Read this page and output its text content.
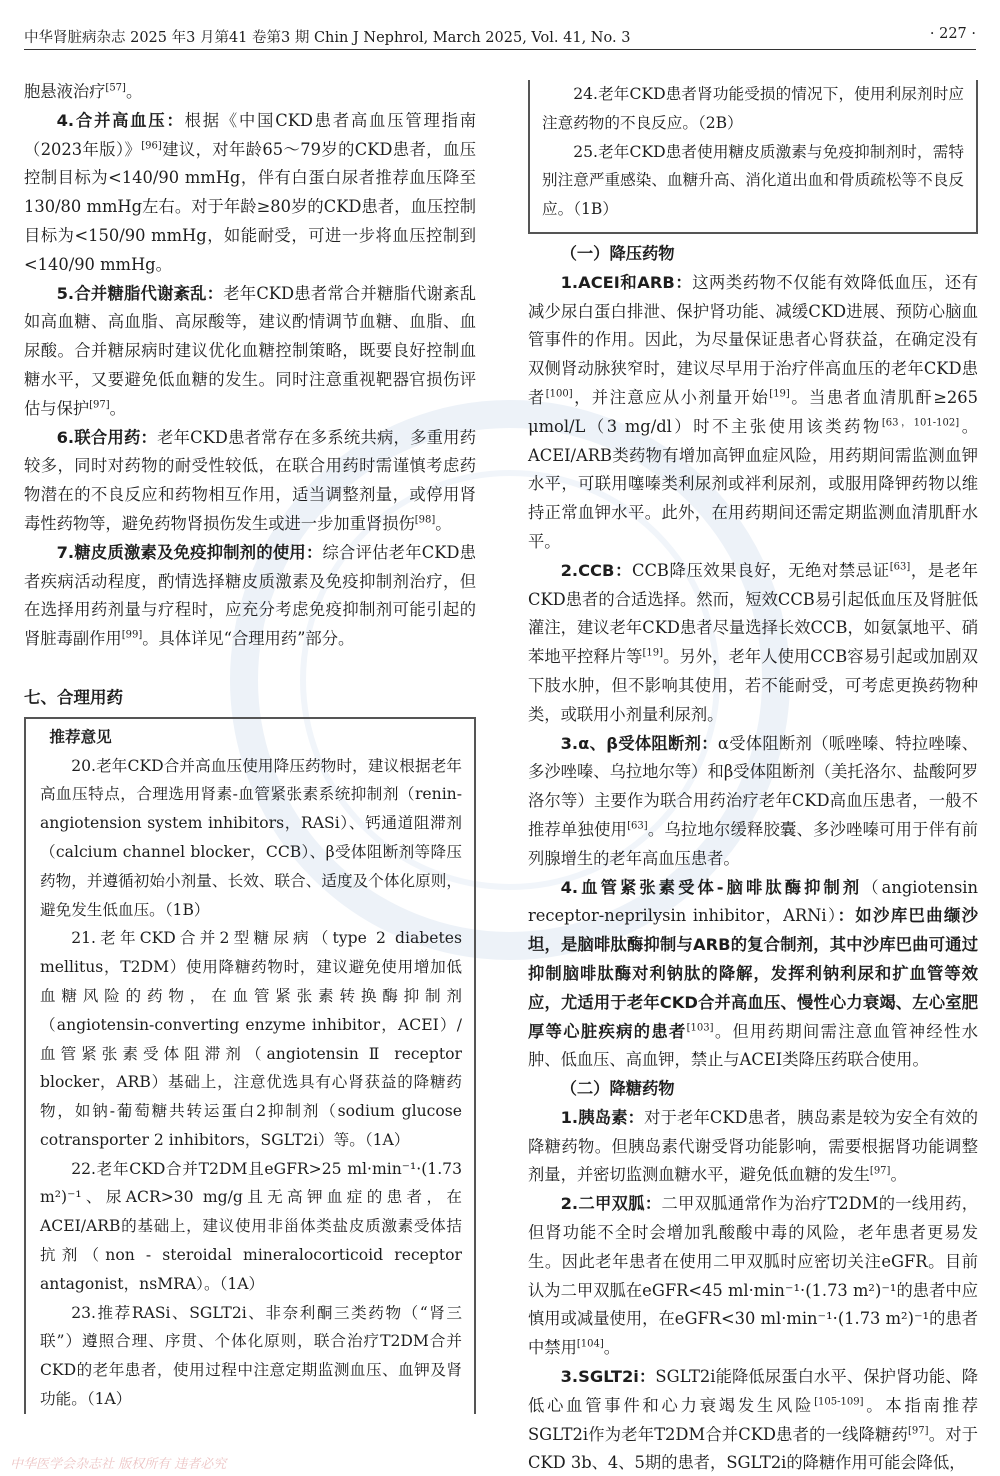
中华肾脏病杂志 2025 年3 月第41 卷第3 期 Chin J Nephrol, March 2025, Vol. 41, No. 3	· 227 ·

胞悬液治疗[57]。

4.合并高血压：根据《中国CKD患者高血压管理指南（2023年版）》[96]建议，对年龄65～79岁的CKD患者，血压控制目标为<140/90 mmHg，伴有白蛋白尿者推荐血压降至130/80 mmHg左右。对于年龄≥80岁的CKD患者，血压控制目标为<150/90 mmHg，如能耐受，可进一步将血压控制到<140/90 mmHg。

5.合并糖脂代谢紊乱：老年CKD患者常合并糖脂代谢紊乱如高血糖、高血脂、高尿酸等，建议酌情调节血糖、血脂、血尿酸。合并糖尿病时建议优化血糖控制策略，既要良好控制血糖水平，又要避免低血糖的发生。同时注意重视靶器官损伤评估与保护[97]。

6.联合用药：老年CKD患者常存在多系统共病，多重用药较多，同时对药物的耐受性较低，在联合用药时需谨慎考虑药物潜在的不良反应和药物相互作用，适当调整剂量，或停用肾毒性药物等，避免药物肾损伤发生或进一步加重肾损伤[98]。

7.糖皮质激素及免疫抑制剂的使用：综合评估老年CKD患者疾病活动程度，酌情选择糖皮质激素及免疫抑制剂治疗，但在选择用药剂量与疗程时，应充分考虑免疫抑制剂可能引起的肾脏毒副作用[99]。具体详见“合理用药”部分。

七、合理用药
推荐意见

20.老年CKD合并高血压使用降压药物时，建议根据老年高血压特点，合理选用肾素-血管紧张素系统抑制剂（renin-angiotension system inhibitors，RASi）、钙通道阻滞剂（calcium channel blocker，CCB）、β受体阻断剂等降压药物，并遵循初始小剂量、长效、联合、适度及个体化原则，避免发生低血压。（1B）

21.老年CKD合并2型糖尿病（type 2 diabetes mellitus，T2DM）使用降糖药物时，建议避免使用增加低血糖风险的药物，在血管紧张素转换酶抑制剂（angiotensin-converting enzyme inhibitor，ACEI）/血管紧张素受体阻滞剂（angiotensin Ⅱ receptor blocker，ARB）基础上，注意优选具有心肾获益的降糖药物，如钠-葡萄糖共转运蛋白2抑制剂（sodium glucose cotransporter 2 inhibitors，SGLT2i）等。（1A）

22.老年CKD合并T2DM且eGFR>25 ml·min⁻¹·(1.73 m²)⁻¹、尿ACR>30 mg/g且无高钾血症的患者，在ACEI/ARB的基础上，建议使用非甾体类盐皮质激素受体拮抗剂（non - steroidal mineralocorticoid receptor antagonist，nsMRA）。（1A）

23.推荐RASi、SGLT2i、非奈利酮三类药物（“肾三联”）遵照合理、序贯、个体化原则，联合治疗T2DM合并CKD的老年患者，使用过程中注意定期监测血压、血钾及肾功能。（1A）

24.老年CKD患者肾功能受损的情况下，使用利尿剂时应注意药物的不良反应。（2B）

25.老年CKD患者使用糖皮质激素与免疫抑制剂时，需特别注意严重感染、血糖升高、消化道出血和骨质疏松等不良反应。（1B）

（一）降压药物

1.ACEI和ARB：这两类药物不仅能有效降低血压，还有减少尿白蛋白排泄、保护肾功能、减缓CKD进展、预防心脑血管事件的作用。因此，为尽量保证患者心肾获益，在确定没有双侧肾动脉狭窄时，建议尽早用于治疗伴高血压的老年CKD患者[100]，并注意应从小剂量开始[19]。当患者血清肌酐≥265 μmol/L（3 mg/dl）时不主张使用该类药物[63，101-102]。ACEI/ARB类药物有增加高钾血症风险，用药期间需监测血钾水平，可联用噻嗪类利尿剂或袢利尿剂，或服用降钾药物以维持正常血钾水平。此外，在用药期间还需定期监测血清肌酐水平。

2.CCB：CCB降压效果良好，无绝对禁忌证[63]，是老年CKD患者的合适选择。然而，短效CCB易引起低血压及肾脏低灌注，建议老年CKD患者尽量选择长效CCB，如氨氯地平、硝苯地平控释片等[19]。另外，老年人使用CCB容易引起或加剧双下肢水肿，但不影响其使用，若不能耐受，可考虑更换药物种类，或联用小剂量利尿剂。

3.α、β受体阻断剂：α受体阻断剂（哌唑嗪、特拉唑嗪、多沙唑嗪、乌拉地尔等）和β受体阻断剂（美托洛尔、盐酸阿罗洛尔等）主要作为联合用药治疗老年CKD高血压患者，一般不推荐单独使用[63]。乌拉地尔缓释胶囊、多沙唑嗪可用于伴有前列腺增生的老年高血压患者。

4.血管紧张素受体-脑啡肽酶抑制剂（angiotensin receptor-neprilysin inhibitor，ARNi）：如沙库巴曲缬沙坦，是脑啡肽酶抑制与ARB的复合制剂，其中沙库巴曲可通过抑制脑啡肽酶对利钠肽的降解，发挥利钠利尿和扩血管等效应，尤适用于老年CKD合并高血压、慢性心力衰竭、左心室肥厚等心脏疾病的患者[103]。但用药期间需注意血管神经性水肿、低血压、高血钾，禁止与ACEI类降压药联合使用。

（二）降糖药物

1.胰岛素：对于老年CKD患者，胰岛素是较为安全有效的降糖药物。但胰岛素代谢受肾功能影响，需要根据肾功能调整剂量，并密切监测血糖水平，避免低血糖的发生[97]。

2.二甲双胍：二甲双胍通常作为治疗T2DM的一线用药，但肾功能不全时会增加乳酸酸中毒的风险，老年患者更易发生。因此老年患者在使用二甲双胍时应密切关注eGFR。目前认为二甲双胍在eGFR<45 ml·min⁻¹·(1.73 m²)⁻¹的患者中应慎用或减量使用，在eGFR<30 ml·min⁻¹·(1.73 m²)⁻¹的患者中禁用[104]。

3.SGLT2i：SGLT2i能降低尿蛋白水平、保护肾功能、降低心血管事件和心力衰竭发生风险[105-109]。本指南推荐SGLT2i作为老年T2DM合并CKD患者的一线降糖药[97]。对于CKD 3b、4、5期的患者，SGLT2i的降糖作用可能会降低，

中华医学会杂志社 版权所有 违者必究
